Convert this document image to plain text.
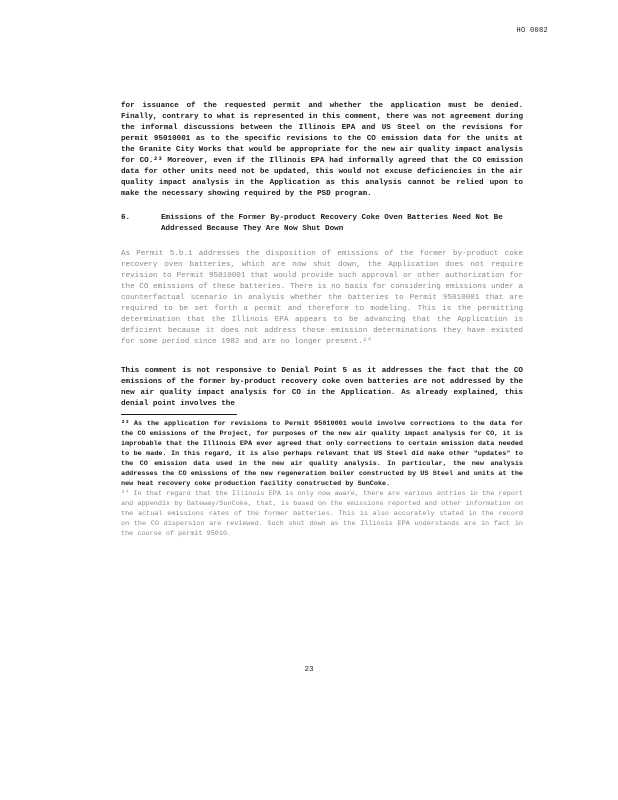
HO 0082

for issuance of the requested permit and whether the application must be denied. Finally, contrary to what is represented in this comment, there was not agreement during the informal discussions between the Illinois EPA and US Steel on the revisions for permit 95010001 as to the specific revisions to the CO emission data for the units at the Granite City Works that would be appropriate for the new air quality impact analysis for CO.²³ Moreover, even if the Illinois EPA had informally agreed that the CO emission data for other units need not be updated, this would not excuse deficiencies in the air quality impact analysis in the Application as this analysis cannot be relied upon to make the necessary showing required by the PSD program.

6.	Emissions of the Former By-product Recovery Coke Oven Batteries Need Not Be Addressed Because They Are Now Shut Down

As Permit 5.b.1 addresses the disposition of emissions of the former by-product coke recovery oven batteries, which are now shut down, the Application does not require revision to Permit 95010001 that would provide such approval or other authorization for the CO emissions of these batteries. There is no basis for considering emissions under a counterfactual scenario in analysis whether the batteries to Permit 95010001 that are required to be set forth a permit and therefore to modeling. This is the permitting determination that the Illinois EPA appears to be advancing that the Application is deficient because it does not address those emission determinations they have existed for some period since 1982 and are no longer present.²⁴

This comment is not responsive to Denial Point 5 as it addresses the fact that the CO emissions of the former by-product recovery coke oven batteries are not addressed by the new air quality impact analysis for CO in the Application. As already explained, this denial point involves the

²³ As the application for revisions to Permit 95010001 would involve corrections to the data for the CO emissions of the Project, for purposes of the new air quality impact analysis for CO, it is improbable that the Illinois EPA ever agreed that only corrections to certain emission data needed to be made. In this regard, it is also perhaps relevant that US Steel did make other "updates" to the CO emission data used in the new air quality analysis. In particular, the new analysis addresses the CO emissions of the new regeneration boiler constructed by US Steel and units at the new heat recovery coke production facility constructed by SunCoke.

²⁴ In that regard that the Illinois EPA is only now aware, there are various entries in the report and appendix by Gateway/SunCoke, that, is based on the emissions reported and other information on the actual emissions rates of the former batteries. This is also accurately stated in the record on the CO dispersion are reviewed. Such shut down as the Illinois EPA understands are in fact in the course of permit 95010.

23
